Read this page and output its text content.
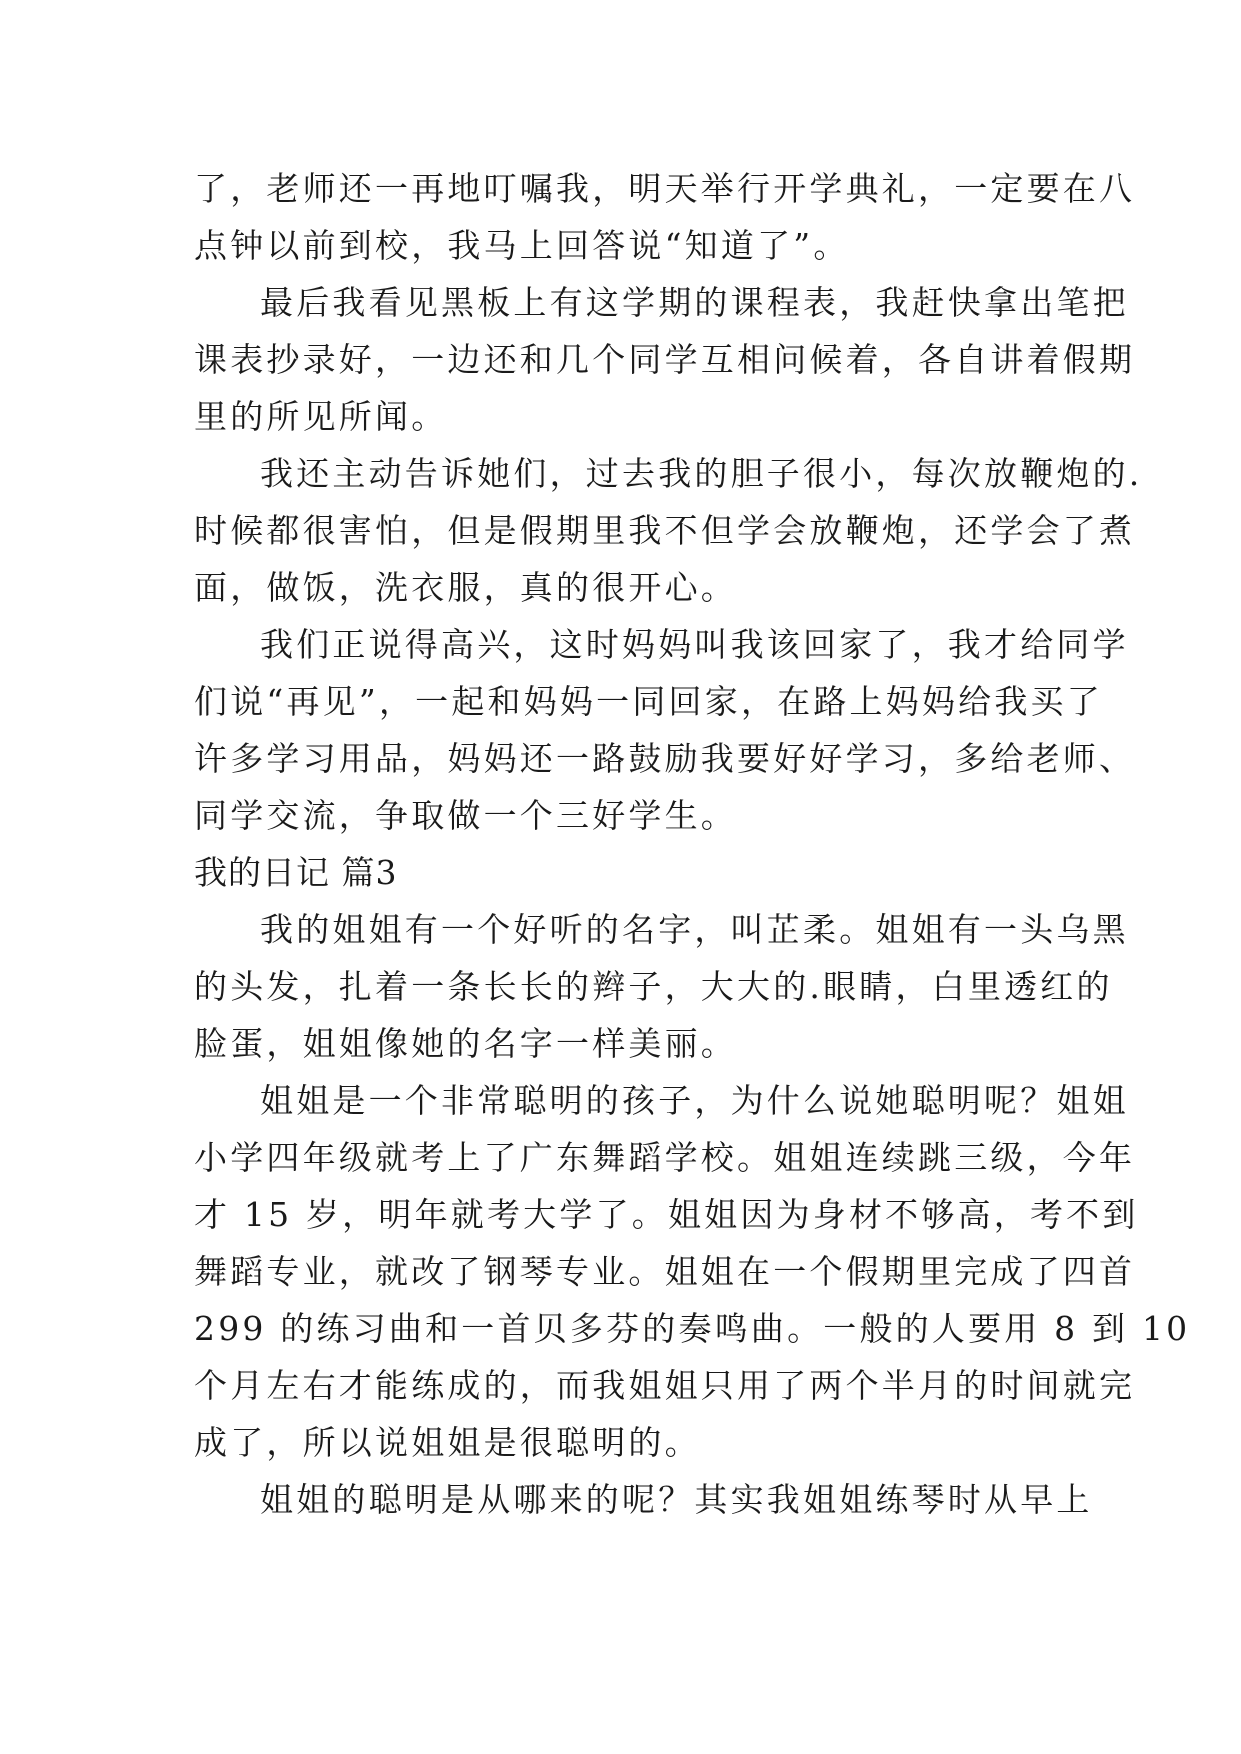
了，老师还一再地叮嘱我，明天举行开学典礼，一定要在八
点钟以前到校，我马上回答说“知道了”。
最后我看见黑板上有这学期的课程表，我赶快拿出笔把
课表抄录好，一边还和几个同学互相问候着，各自讲着假期
里的所见所闻。
我还主动告诉她们，过去我的胆子很小，每次放鞭炮的.
时候都很害怕，但是假期里我不但学会放鞭炮，还学会了煮
面，做饭，洗衣服，真的很开心。
我们正说得高兴，这时妈妈叫我该回家了，我才给同学
们说“再见”，一起和妈妈一同回家，在路上妈妈给我买了
许多学习用品，妈妈还一路鼓励我要好好学习，多给老师、
同学交流，争取做一个三好学生。
我的日记 篇3
我的姐姐有一个好听的名字，叫芷柔。姐姐有一头乌黑
的头发，扎着一条长长的辫子，大大的.眼睛，白里透红的
脸蛋，姐姐像她的名字一样美丽。
姐姐是一个非常聪明的孩子，为什么说她聪明呢？姐姐
小学四年级就考上了广东舞蹈学校。姐姐连续跳三级，今年
才 15 岁，明年就考大学了。姐姐因为身材不够高，考不到
舞蹈专业，就改了钢琴专业。姐姐在一个假期里完成了四首
299 的练习曲和一首贝多芬的奏鸣曲。一般的人要用 8 到 10
个月左右才能练成的，而我姐姐只用了两个半月的时间就完
成了，所以说姐姐是很聪明的。
姐姐的聪明是从哪来的呢？其实我姐姐练琴时从早上
